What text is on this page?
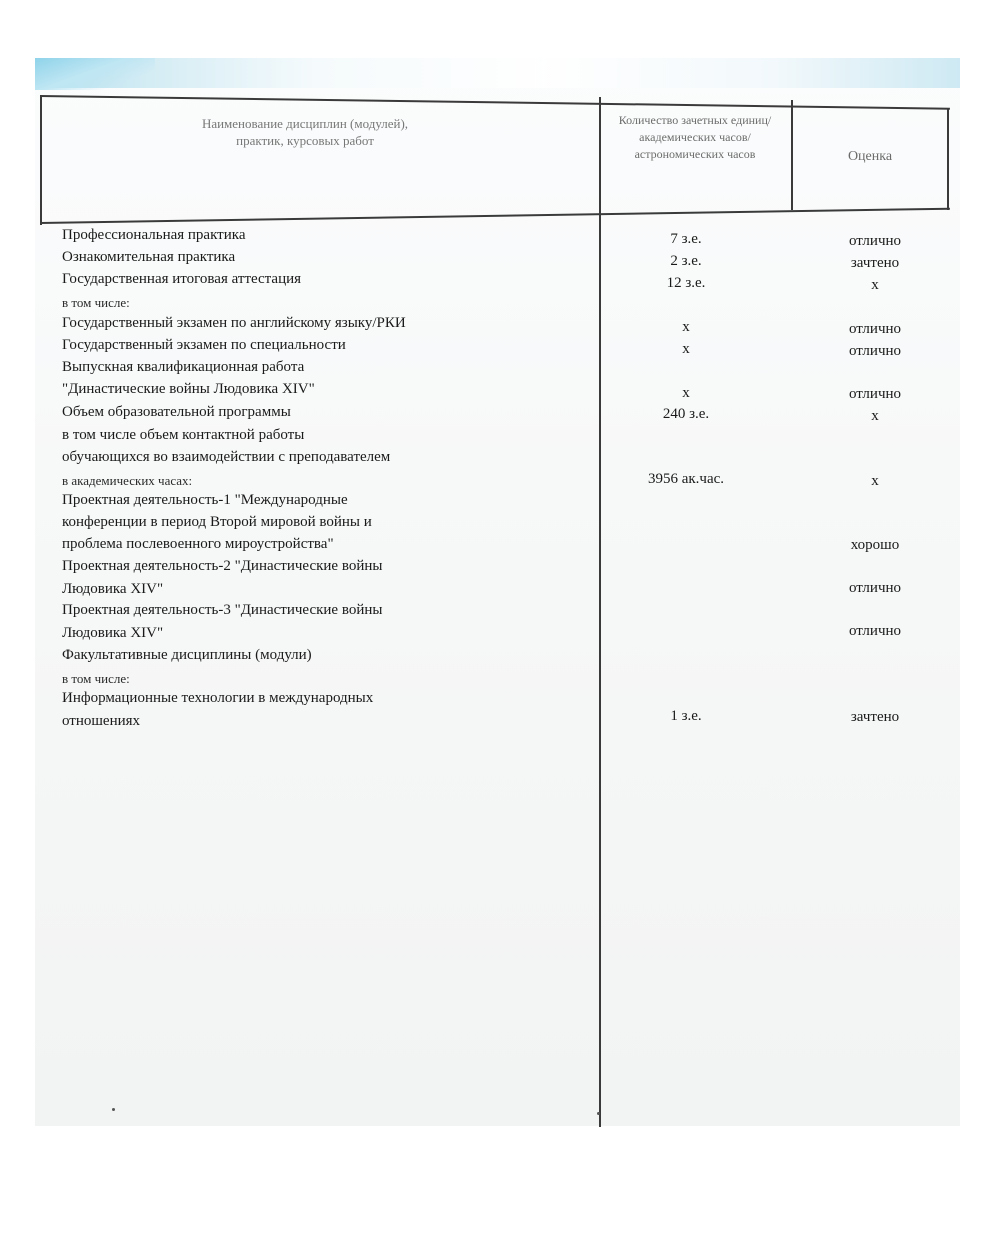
Наименование дисциплин (модулей), практик, курсовых работ
Количество зачетных единиц/академических часов/астрономических часов	Оценка
Профессиональная практика
Ознакомительная практика
Государственная итоговая аттестация
в том числе:
Государственный экзамен по английскому языку/РКИ
Государственный экзамен по специальности
Выпускная квалификационная работа
"Династические войны Людовика XIV"
Объем образовательной программы
в том числе объем контактной работы
обучающихся во взаимодействии с преподавателем
в академических часах:
Проектная деятельность-1 "Международные
конференции в период Второй мировой войны и
проблема послевоенного мироустройства"
Проектная деятельность-2 "Династические войны
Людовика XIV"
Проектная деятельность-3 "Династические войны
Людовика XIV"
Факультативные дисциплины (модули)
в том числе:
Информационные технологии в международных
отношениях
7 з.е.
2 з.е.
12 з.е.
х
х
х
240 з.е.
3956 ак.час.
1 з.е.
отлично
зачтено
х
отлично
отлично
отлично
х
х
хорошо
отлично
отлично
зачтено
